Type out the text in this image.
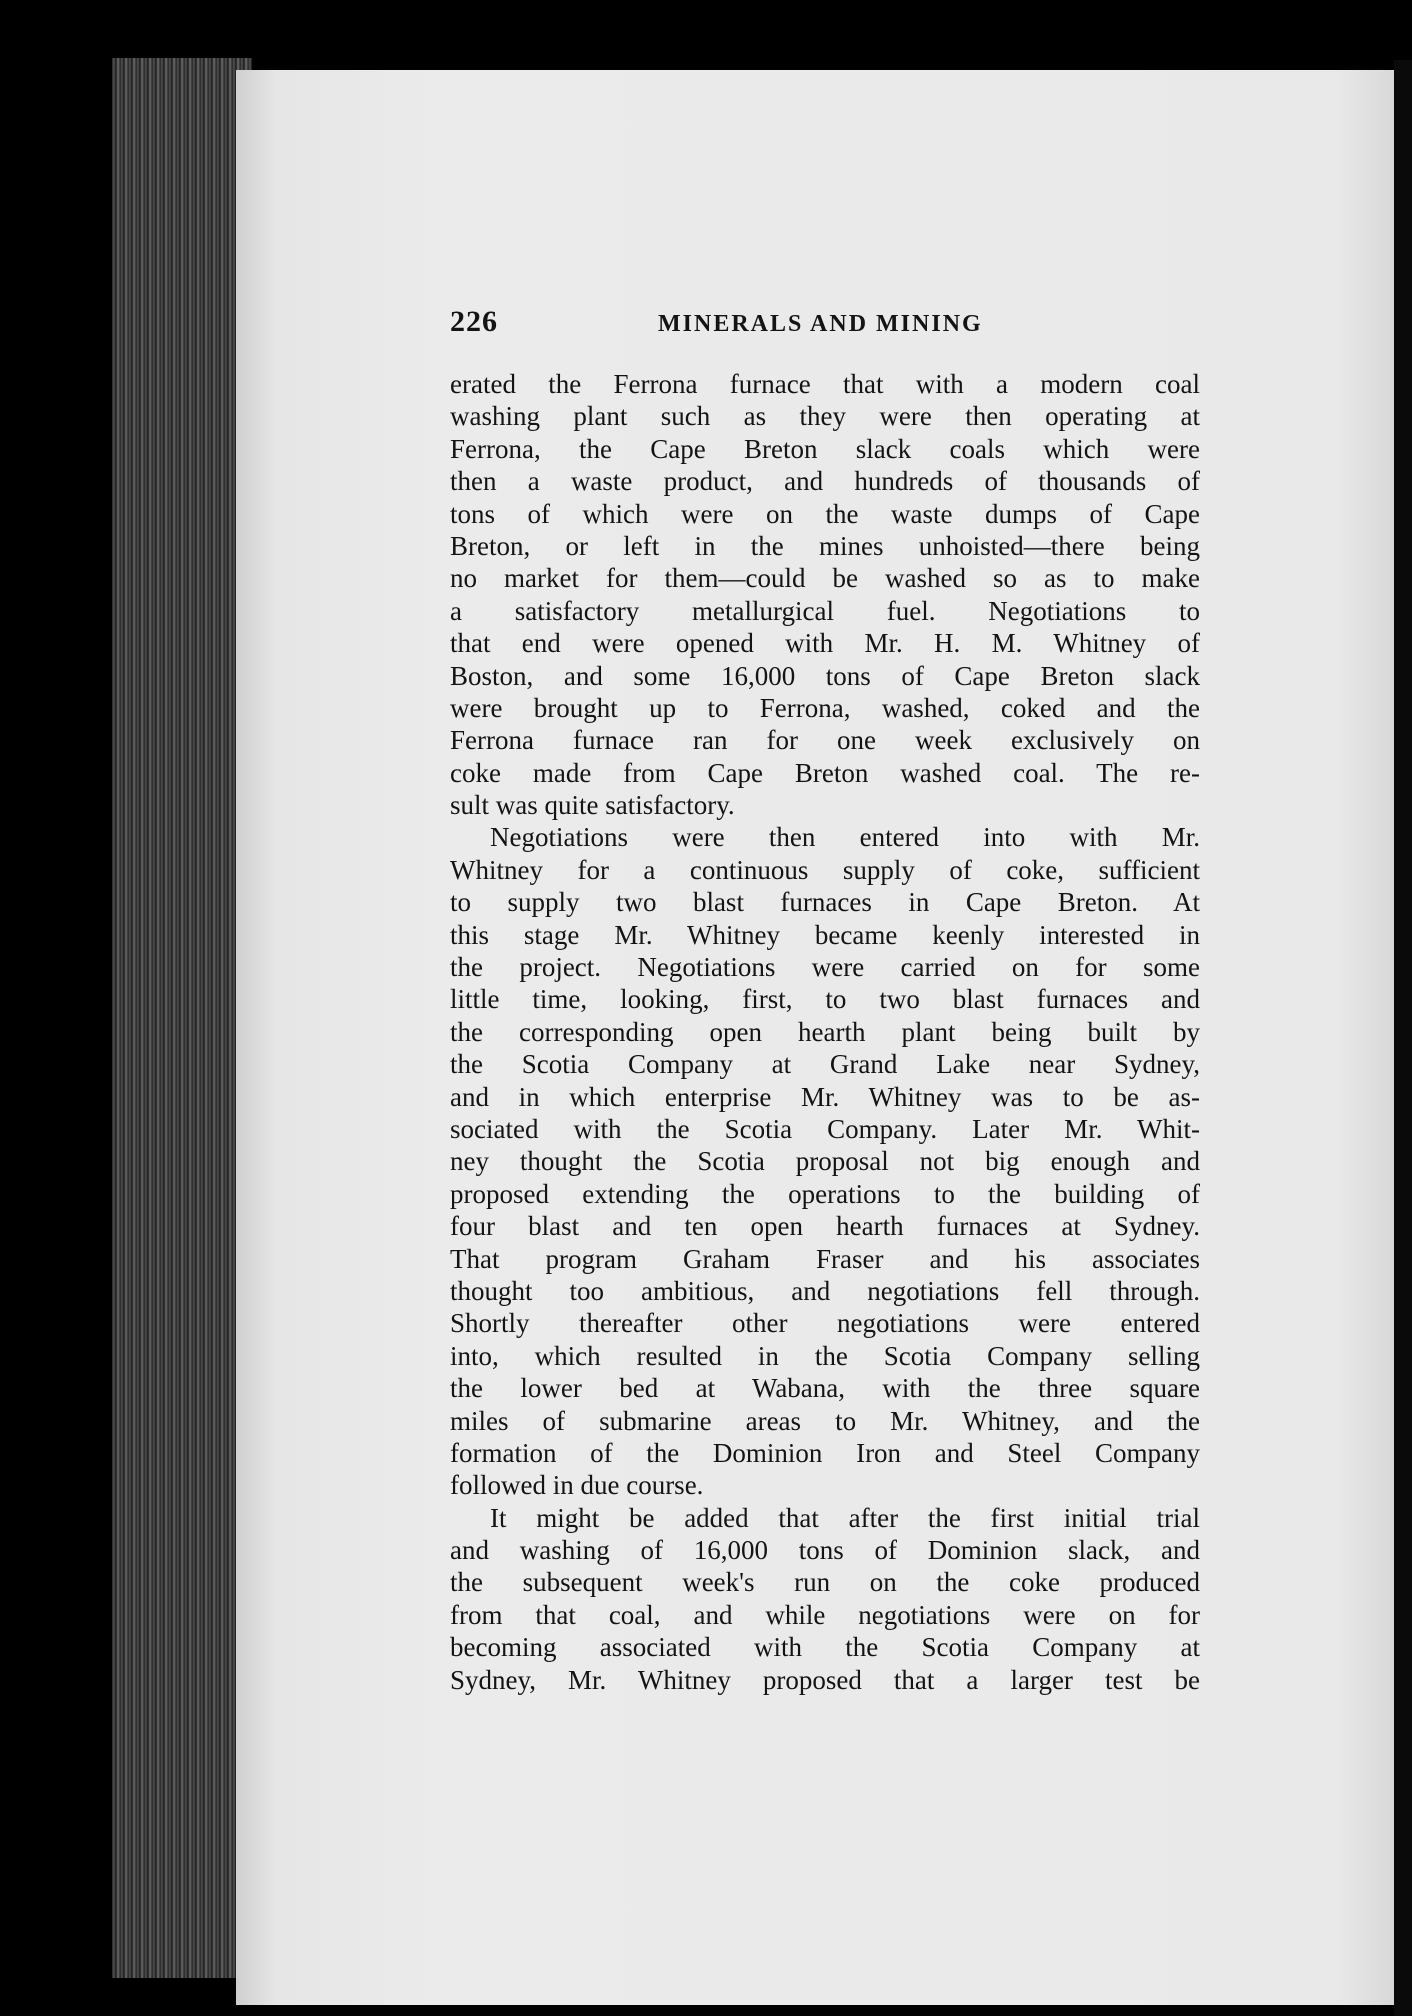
226	MINERALS AND MINING
erated the Ferrona furnace that with a modern coal
washing plant such as they were then operating at
Ferrona, the Cape Breton slack coals which were
then a waste product, and hundreds of thousands of
tons of which were on the waste dumps of Cape
Breton, or left in the mines unhoisted—there being
no market for them—could be washed so as to make
a satisfactory metallurgical fuel. Negotiations to
that end were opened with Mr. H. M. Whitney of
Boston, and some 16,000 tons of Cape Breton slack
were brought up to Ferrona, washed, coked and the
Ferrona furnace ran for one week exclusively on
coke made from Cape Breton washed coal. The re-
sult was quite satisfactory.
Negotiations were then entered into with Mr.
Whitney for a continuous supply of coke, sufficient
to supply two blast furnaces in Cape Breton. At
this stage Mr. Whitney became keenly interested in
the project. Negotiations were carried on for some
little time, looking, first, to two blast furnaces and
the corresponding open hearth plant being built by
the Scotia Company at Grand Lake near Sydney,
and in which enterprise Mr. Whitney was to be as-
sociated with the Scotia Company. Later Mr. Whit-
ney thought the Scotia proposal not big enough and
proposed extending the operations to the building of
four blast and ten open hearth furnaces at Sydney.
That program Graham Fraser and his associates
thought too ambitious, and negotiations fell through.
Shortly thereafter other negotiations were entered
into, which resulted in the Scotia Company selling
the lower bed at Wabana, with the three square
miles of submarine areas to Mr. Whitney, and the
formation of the Dominion Iron and Steel Company
followed in due course.
It might be added that after the first initial trial
and washing of 16,000 tons of Dominion slack, and
the subsequent week's run on the coke produced
from that coal, and while negotiations were on for
becoming associated with the Scotia Company at
Sydney, Mr. Whitney proposed that a larger test be
